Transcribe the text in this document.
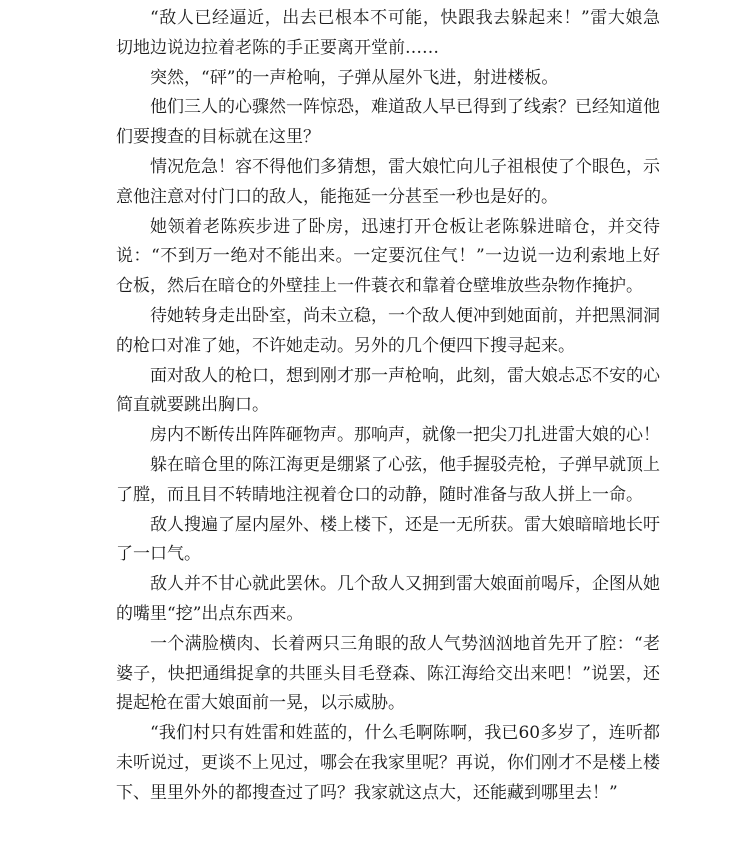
“敌人已经逼近，出去已根本不可能，快跟我去躲起来！”雷大娘急切地边说边拉着老陈的手正要离开堂前……

突然，“砰”的一声枪响，子弹从屋外飞进，射进楼板。

他们三人的心骤然一阵惊恐，难道敌人早已得到了线索？已经知道他们要搜查的目标就在这里？

情况危急！容不得他们多猜想，雷大娘忙向儿子祖根使了个眼色，示意他注意对付门口的敌人，能拖延一分甚至一秒也是好的。

她领着老陈疾步进了卧房，迅速打开仓板让老陈躲进暗仓，并交待说：“不到万一绝对不能出来。一定要沉住气！”一边说一边利索地上好仓板，然后在暗仓的外壁挂上一件蓑衣和靠着仓壁堆放些杂物作掩护。

待她转身走出卧室，尚未立稳，一个敌人便冲到她面前，并把黑洞洞的枪口对准了她，不许她走动。另外的几个便四下搜寻起来。

面对敌人的枪口，想到刚才那一声枪响，此刻，雷大娘忐忑不安的心简直就要跳出胸口。

房内不断传出阵阵砸物声。那响声，就像一把尖刀扎进雷大娘的心！

躲在暗仓里的陈江海更是绷紧了心弦，他手握驳壳枪，子弹早就顶上了膛，而且目不转睛地注视着仓口的动静，随时准备与敌人拼上一命。

敌人搜遍了屋内屋外、楼上楼下，还是一无所获。雷大娘暗暗地长吁了一口气。

敌人并不甘心就此罢休。几个敌人又拥到雷大娘面前喝斥，企图从她的嘴里“挖”出点东西来。

一个满脸横肉、长着两只三角眼的敌人气势汹汹地首先开了腔：“老婆子，快把通缉捉拿的共匪头目毛登森、陈江海给交出来吧！”说罢，还提起枪在雷大娘面前一晃，以示威胁。

“我们村只有姓雷和姓蓝的，什么毛啊陈啊，我已60多岁了，连听都未听说过，更谈不上见过，哪会在我家里呢？再说，你们刚才不是楼上楼下、里里外外的都搜查过了吗？我家就这点大，还能藏到哪里去！”
